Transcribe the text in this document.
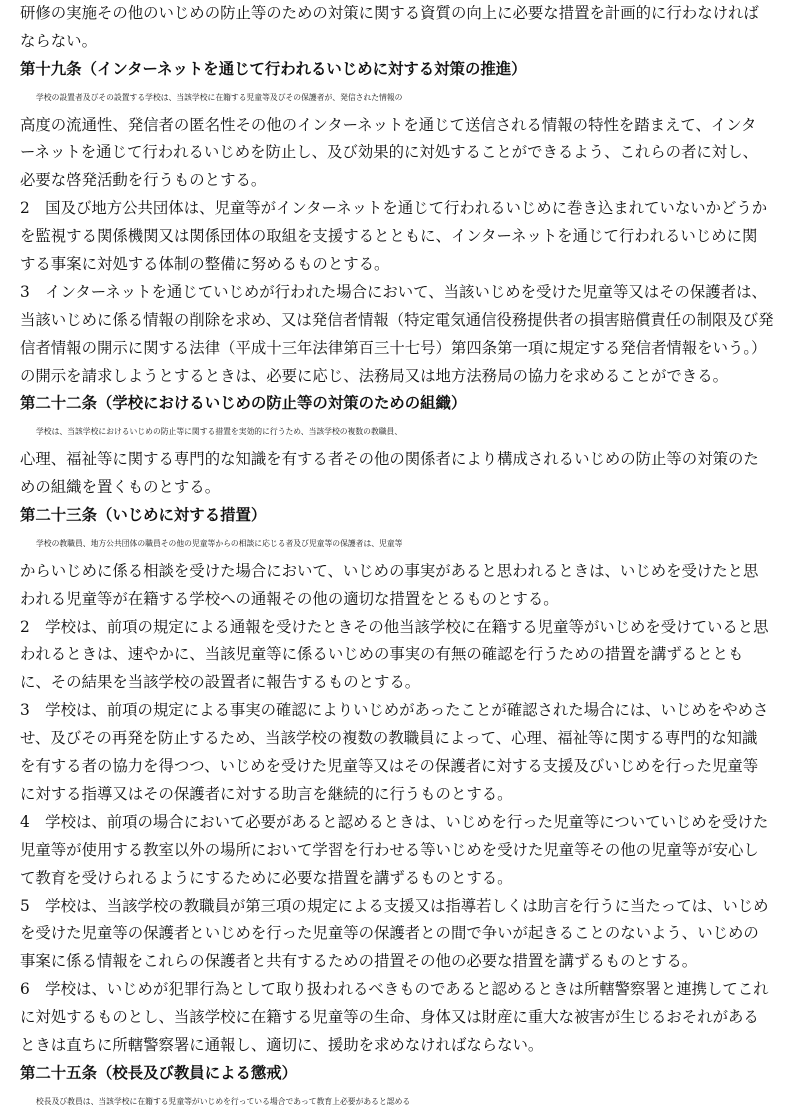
研修の実施その他のいじめの防止等のための対策に関する資質の向上に必要な措置を計画的に行わなければ
ならない。
第十九条（インターネットを通じて行われるいじめに対する対策の推進）
学校の設置者及びその設置する学校は、当該学校に在籍する児童等及びその保護者が、発信された情報の
高度の流通性、発信者の匿名性その他のインターネットを通じて送信される情報の特性を踏まえて、インタ
ーネットを通じて行われるいじめを防止し、及び効果的に対処することができるよう、これらの者に対し、
必要な啓発活動を行うものとする。
2　国及び地方公共団体は、児童等がインターネットを通じて行われるいじめに巻き込まれていないかどうか
を監視する関係機関又は関係団体の取組を支援するとともに、インターネットを通じて行われるいじめに関
する事案に対処する体制の整備に努めるものとする。
3　インターネットを通じていじめが行われた場合において、当該いじめを受けた児童等又はその保護者は、
当該いじめに係る情報の削除を求め、又は発信者情報（特定電気通信役務提供者の損害賠償責任の制限及び発
信者情報の開示に関する法律（平成十三年法律第百三十七号）第四条第一項に規定する発信者情報をいう。）
の開示を請求しようとするときは、必要に応じ、法務局又は地方法務局の協力を求めることができる。
第二十二条（学校におけるいじめの防止等の対策のための組織）
学校は、当該学校におけるいじめの防止等に関する措置を実効的に行うため、当該学校の複数の教職員、
心理、福祉等に関する専門的な知識を有する者その他の関係者により構成されるいじめの防止等の対策のた
めの組織を置くものとする。
第二十三条（いじめに対する措置）
学校の教職員、地方公共団体の職員その他の児童等からの相談に応じる者及び児童等の保護者は、児童等
からいじめに係る相談を受けた場合において、いじめの事実があると思われるときは、いじめを受けたと思
われる児童等が在籍する学校への通報その他の適切な措置をとるものとする。
2　学校は、前項の規定による通報を受けたときその他当該学校に在籍する児童等がいじめを受けていると思
われるときは、速やかに、当該児童等に係るいじめの事実の有無の確認を行うための措置を講ずるととも
に、その結果を当該学校の設置者に報告するものとする。
3　学校は、前項の規定による事実の確認によりいじめがあったことが確認された場合には、いじめをやめさ
せ、及びその再発を防止するため、当該学校の複数の教職員によって、心理、福祉等に関する専門的な知識
を有する者の協力を得つつ、いじめを受けた児童等又はその保護者に対する支援及びいじめを行った児童等
に対する指導又はその保護者に対する助言を継続的に行うものとする。
4　学校は、前項の場合において必要があると認めるときは、いじめを行った児童等についていじめを受けた
児童等が使用する教室以外の場所において学習を行わせる等いじめを受けた児童等その他の児童等が安心し
て教育を受けられるようにするために必要な措置を講ずるものとする。
5　学校は、当該学校の教職員が第三項の規定による支援又は指導若しくは助言を行うに当たっては、いじめ
を受けた児童等の保護者といじめを行った児童等の保護者との間で争いが起きることのないよう、いじめの
事案に係る情報をこれらの保護者と共有するための措置その他の必要な措置を講ずるものとする。
6　学校は、いじめが犯罪行為として取り扱われるべきものであると認めるときは所轄警察署と連携してこれ
に対処するものとし、当該学校に在籍する児童等の生命、身体又は財産に重大な被害が生じるおそれがある
ときは直ちに所轄警察署に通報し、適切に、援助を求めなければならない。
第二十五条（校長及び教員による懲戒）
校長及び教員は、当該学校に在籍する児童等がいじめを行っている場合であって教育上必要があると認める
